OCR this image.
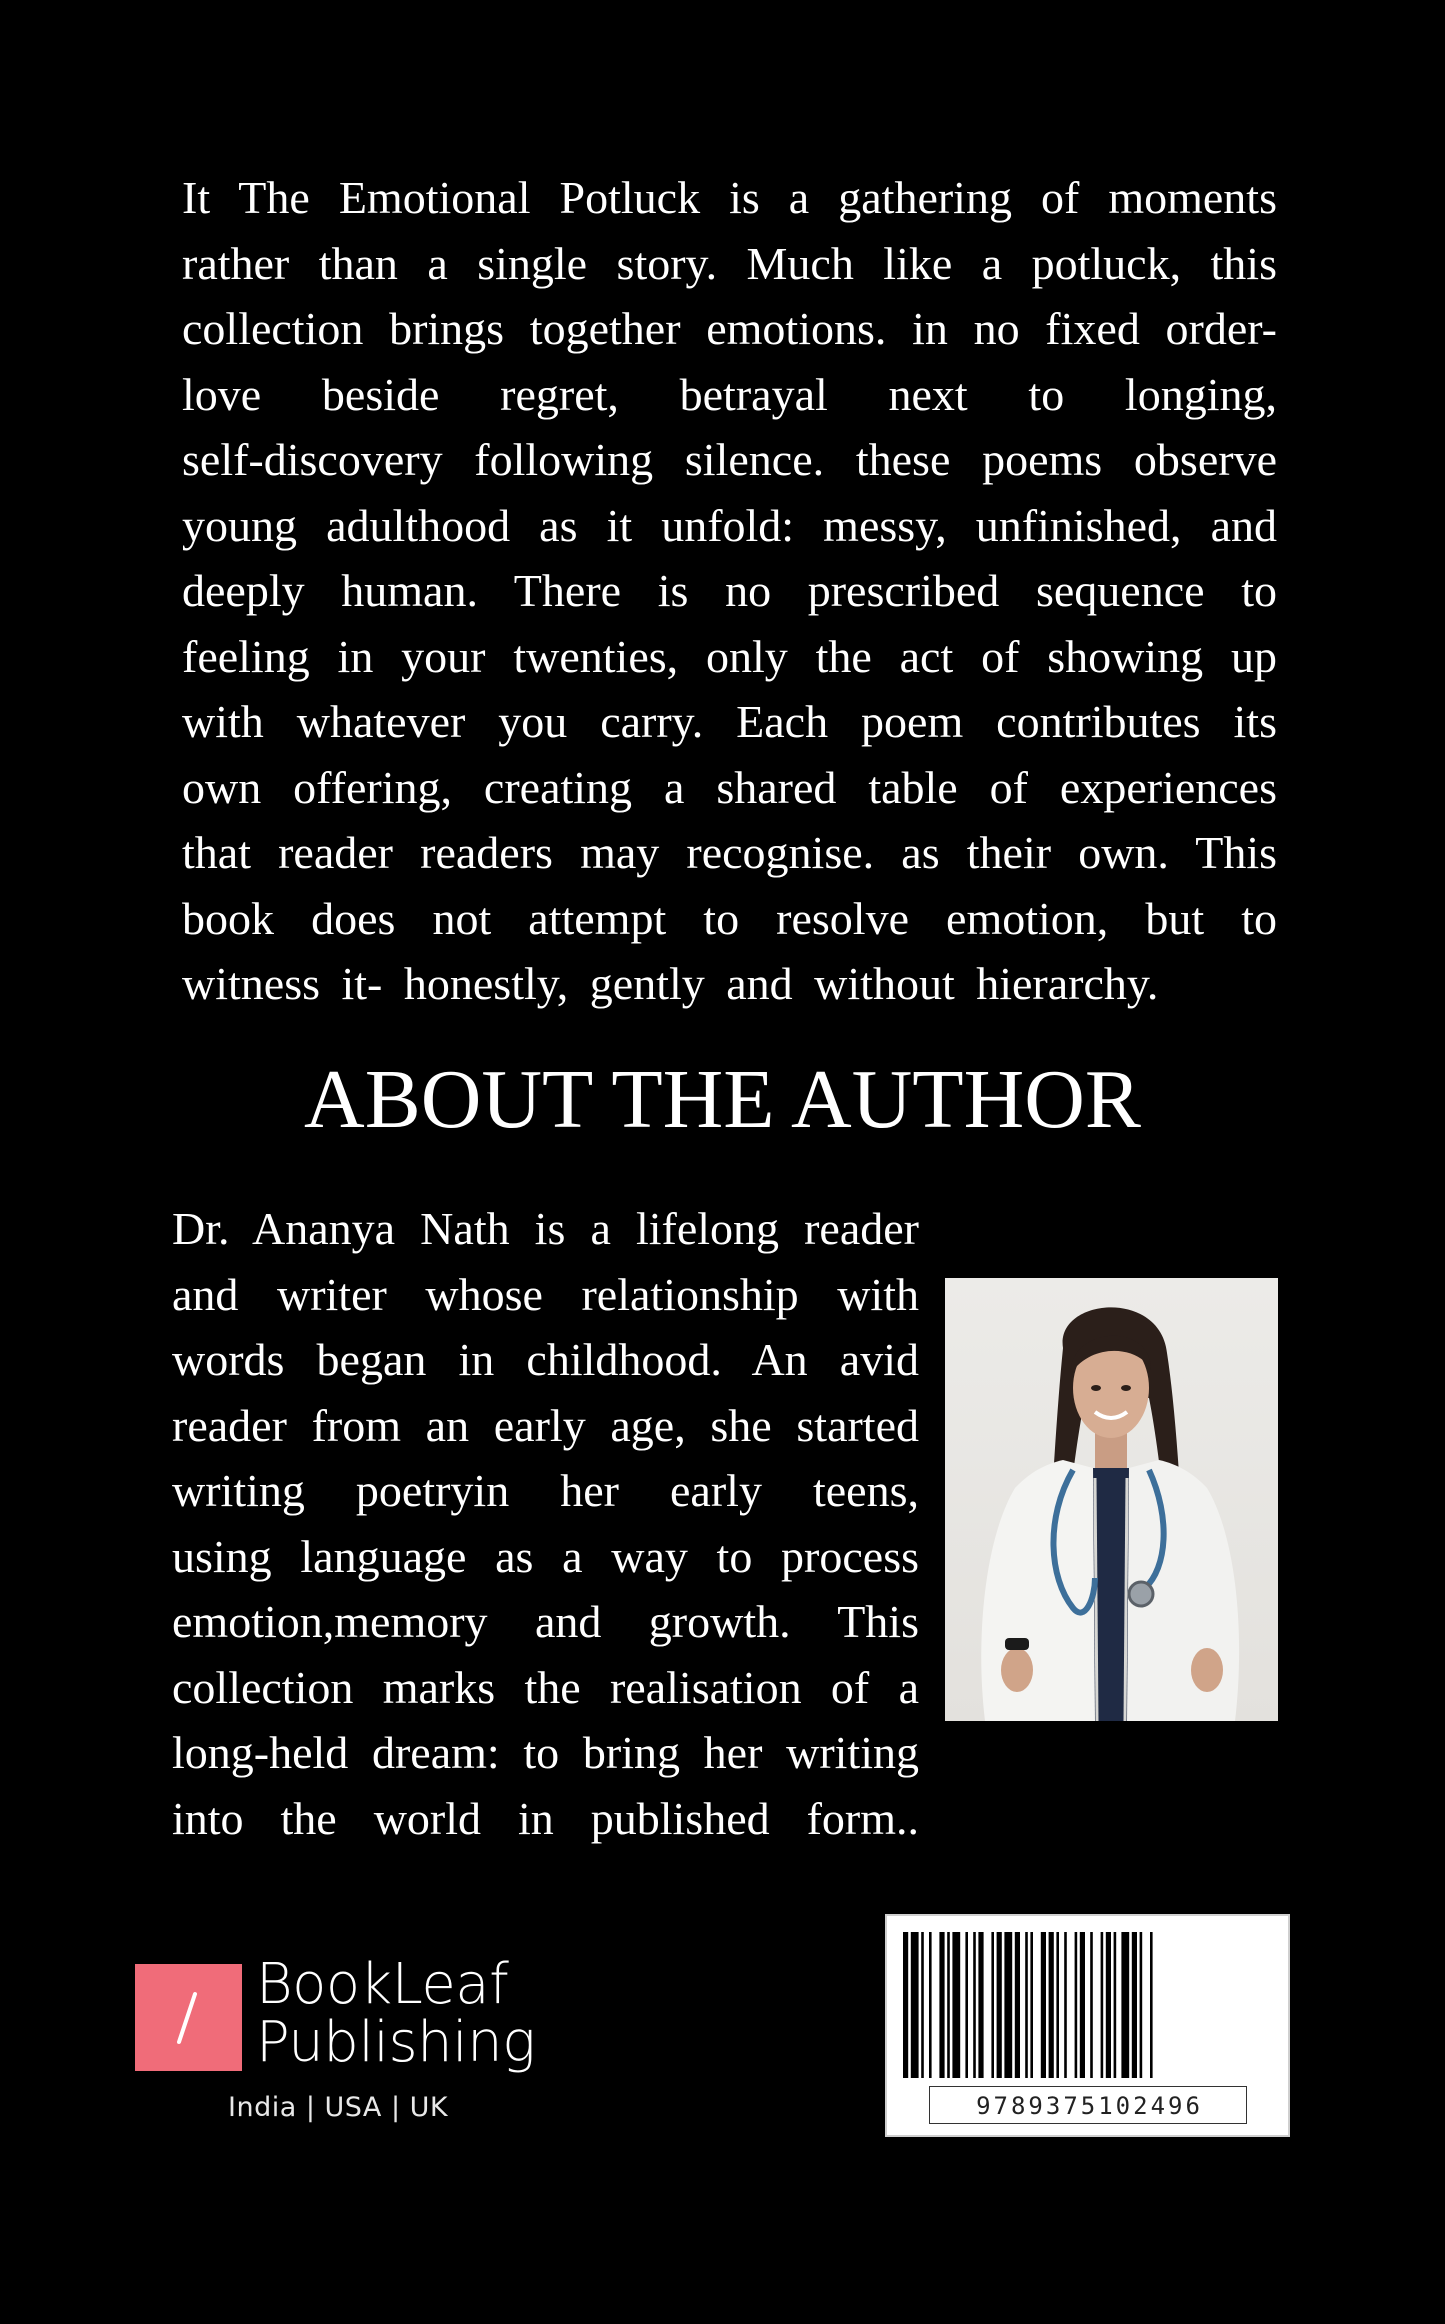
It The Emotional Potluck is a gathering of moments
rather than a single story. Much like a potluck, this
collection brings together emotions. in no fixed order-
love beside regret, betrayal next to longing,
self-discovery following silence. these poems observe
young adulthood as it unfold: messy, unfinished, and
deeply human. There is no prescribed sequence to
feeling in your twenties, only the act of showing up
with whatever you carry. Each poem contributes its
own offering, creating a shared table of experiences
that reader readers may recognise. as their own. This
book does not attempt to resolve emotion, but to
witness it- honestly, gently and without hierarchy.
ABOUT THE AUTHOR
Dr. Ananya Nath is a lifelong reader
and writer whose relationship with
words began in childhood. An avid
reader from an early age, she started
writing poetryin her early teens,
using language as a way to process
emotion,memory and growth. This
collection marks the realisation of a
long-held dream: to bring her writing
into the world in published form..
BookLeaf
Publishing
India | USA | UK	9789375102496
